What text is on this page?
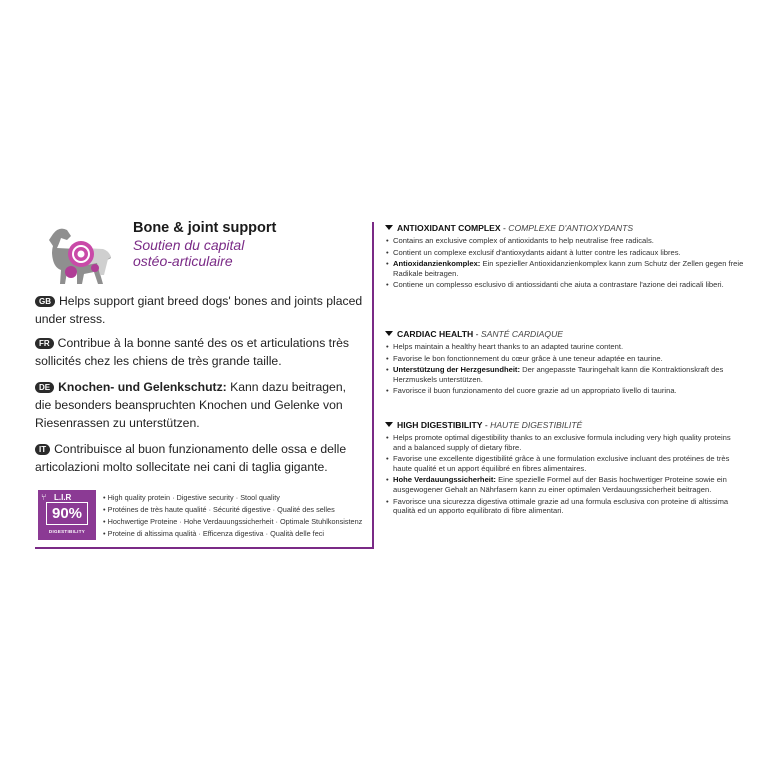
Bone & joint support
Soutien du capital
ostéo-articulaire
GB Helps support giant breed dogs' bones and joints placed under stress.
FR Contribue à la bonne santé des os et articulations très sollicités chez les chiens de très grande taille.
DE Knochen- und Gelenkschutz: Kann dazu beitragen, die besonders beanspruchten Knochen und Gelenke von Riesenrassen zu unterstützen.
IT Contribuisce al buon funzionamento delle ossa e delle articolazioni molto sollecitate nei cani di taglia gigante.
⑂ L.I.R
90%
DIGESTIBILITY
• High quality protein · Digestive security · Stool quality
• Protéines de très haute qualité · Sécurité digestive · Qualité des selles
• Hochwertige Proteine · Hohe Verdauungssicherheit · Optimale Stuhlkonsistenz
• Proteine di altissima qualità · Efficenza digestiva · Qualità delle feci
ANTIOXIDANT COMPLEX - COMPLEXE D'ANTIOXYDANTS
• Contains an exclusive complex of antioxidants to help neutralise free radicals.
• Contient un complexe exclusif d'antioxydants aidant à lutter contre les radicaux libres.
• Antioxidanzienkomplex: Ein spezieller Antioxidanzienkomplex kann zum Schutz der Zellen gegen freie Radikale beitragen.
• Contiene un complesso esclusivo di antiossidanti che aiuta a contrastare l'azione dei radicali liberi.
CARDIAC HEALTH - SANTÉ CARDIAQUE
• Helps maintain a healthy heart thanks to an adapted taurine content.
• Favorise le bon fonctionnement du cœur grâce à une teneur adaptée en taurine.
• Unterstützung der Herzgesundheit: Der angepasste Tauringehalt kann die Kontraktionskraft des Herzmuskels unterstützen.
• Favorisce il buon funzionamento del cuore grazie ad un appropriato livello di taurina.
HIGH DIGESTIBILITY - HAUTE DIGESTIBILITÉ
• Helps promote optimal digestibility thanks to an exclusive formula including very high quality proteins and a balanced supply of dietary fibre.
• Favorise une excellente digestibilité grâce à une formulation exclusive incluant des protéines de très haute qualité et un apport équilibré en fibres alimentaires.
• Hohe Verdauungssicherheit: Eine spezielle Formel auf der Basis hochwertiger Proteine sowie ein ausgewogener Gehalt an Nährfasern kann zu einer optimalen Verdauungssicherheit beitragen.
• Favorisce una sicurezza digestiva ottimale grazie ad una formula esclusiva con proteine di altissima qualità ed un apporto equilibrato di fibre alimentari.
